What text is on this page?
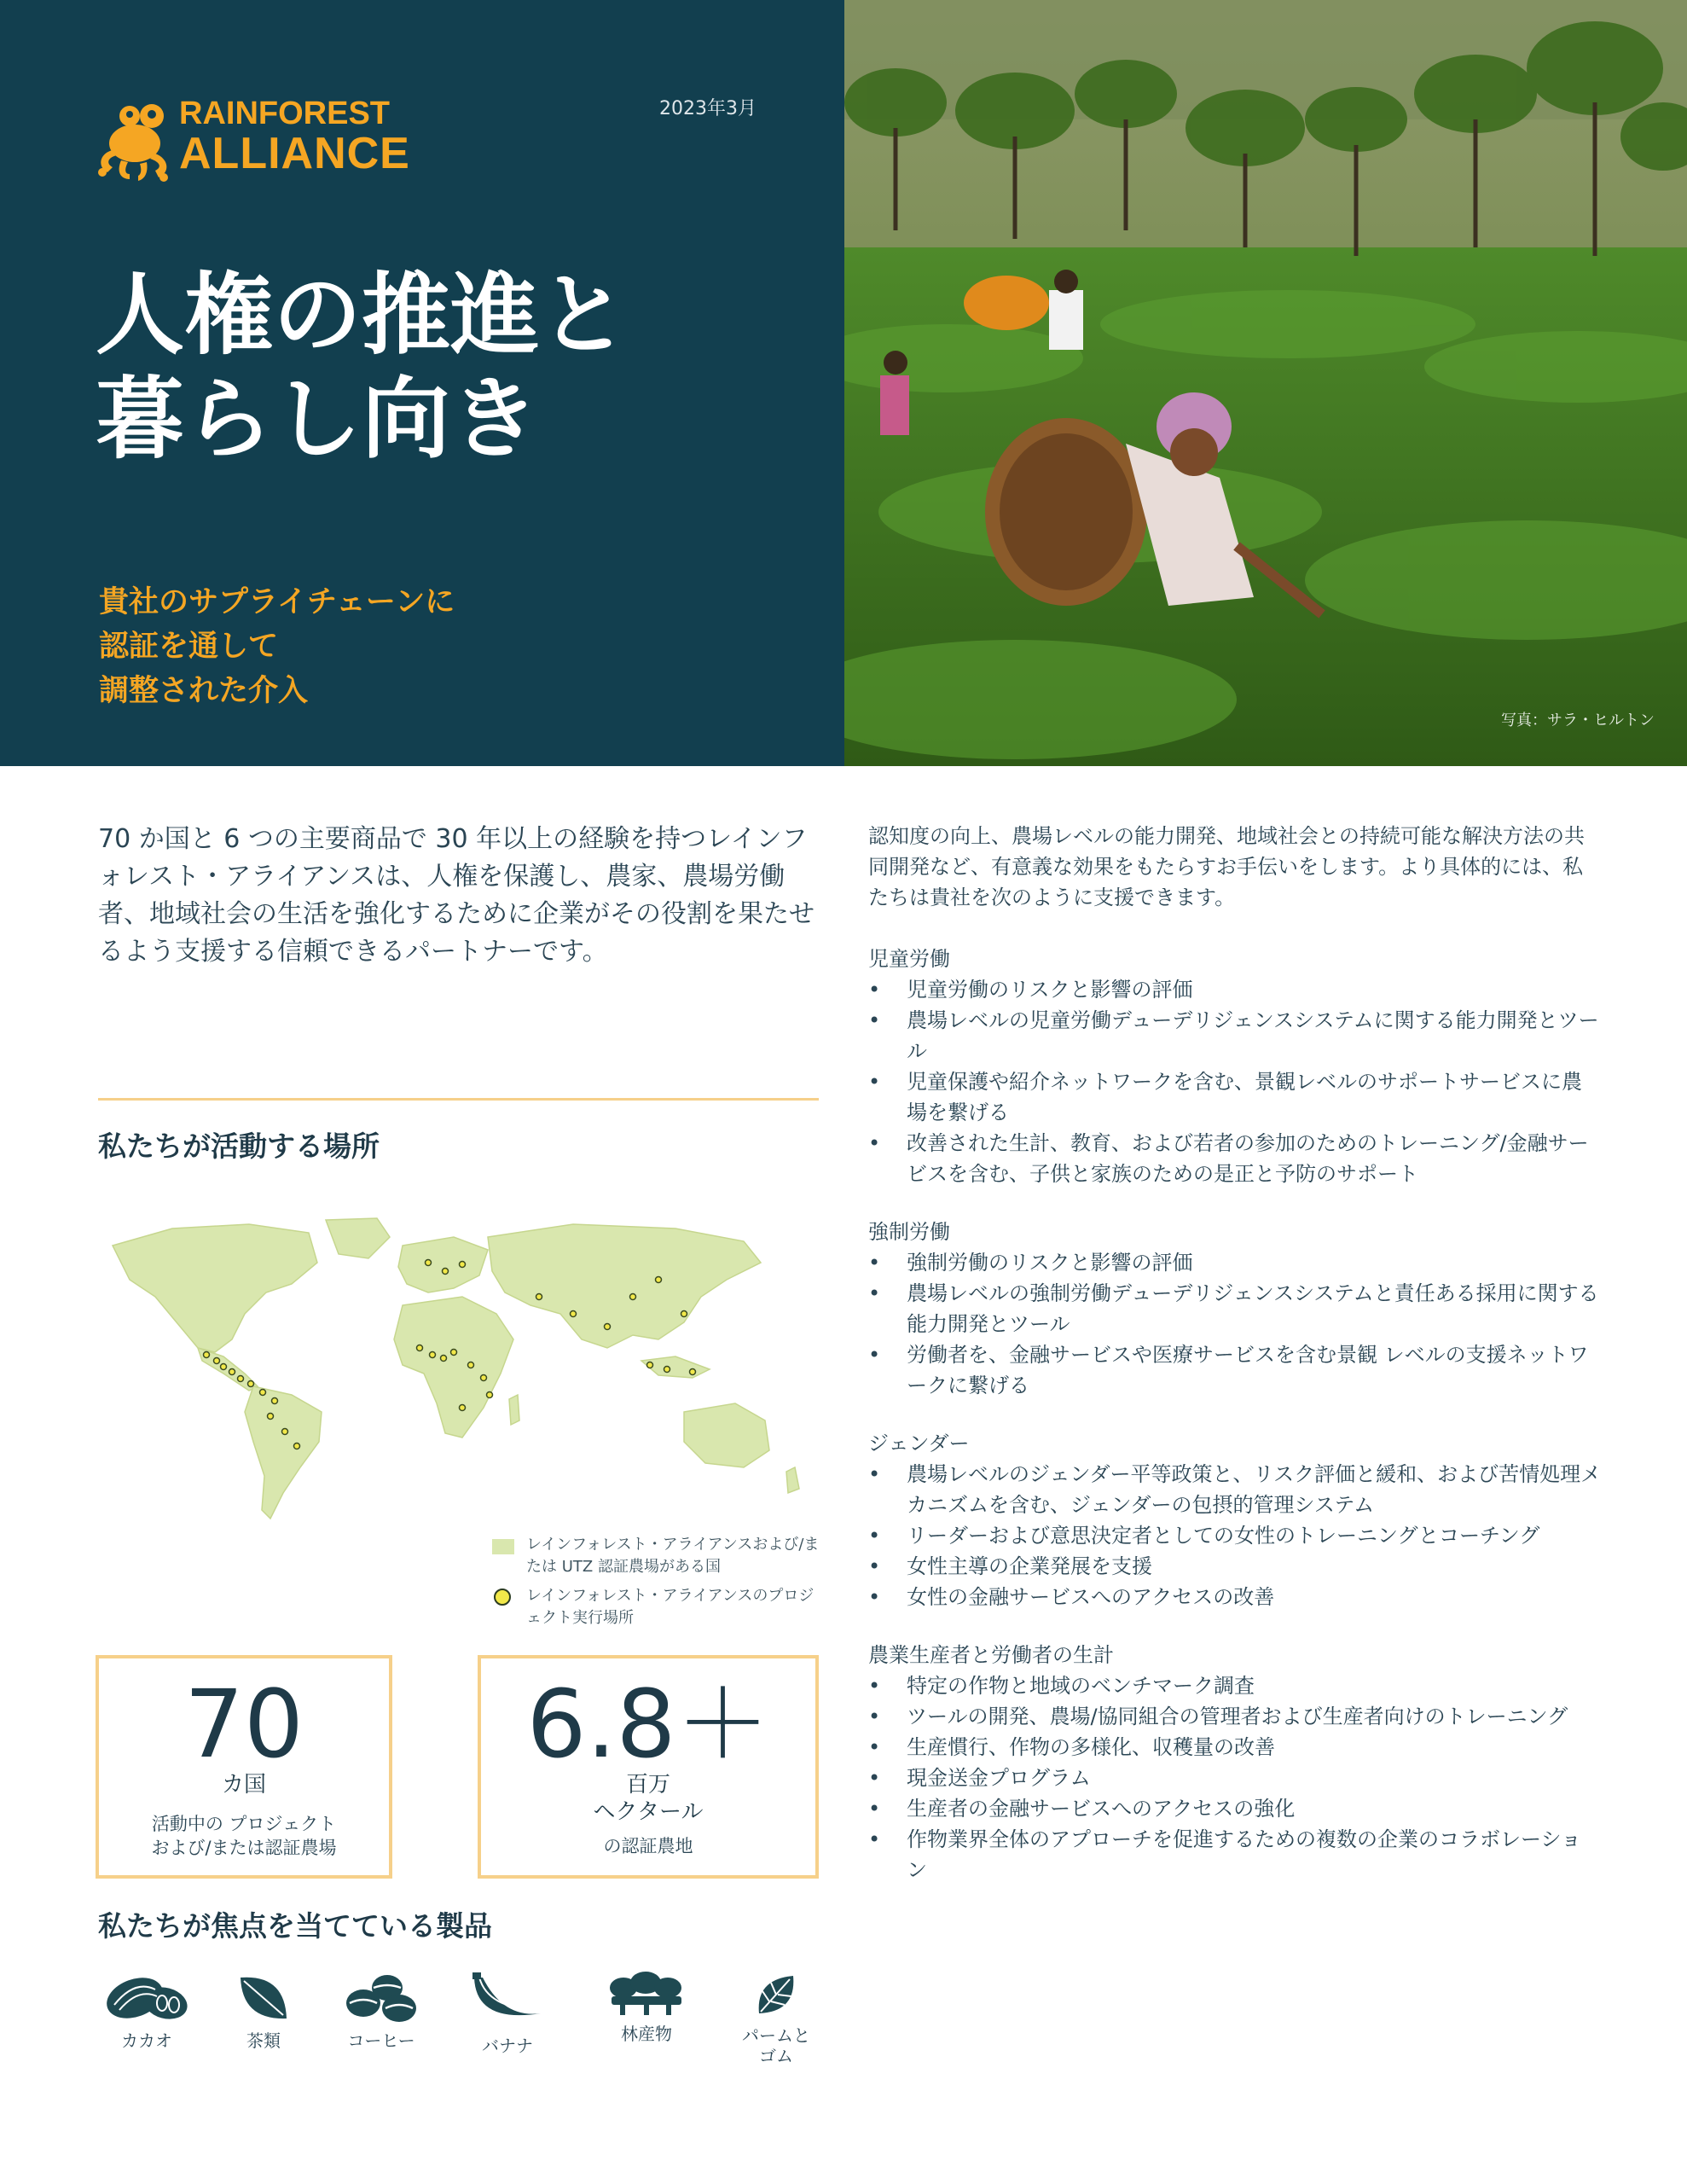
RAINFOREST
ALLIANCE
2023年3月
人権の推進と
暮らし向き
貴社のサプライチェーンに
認証を通して
調整された介入
写真：サラ・ヒルトン

70 か国と 6 つの主要商品で 30 年以上の経験を持つレインフォレスト・アライアンスは、人権を保護し、農家、農場労働者、地域社会の生活を強化するために企業がその役割を果たせるよう支援する信頼できるパートナーです。

私たちが活動する場所
レインフォレスト・アライアンスおよび/または UTZ 認証農場がある国
レインフォレスト・アライアンスのプロジェクト実行場所
70
カ国
活動中の プロジェクト
および/または認証農場
6.8＋
百万
ヘクタール
の認証農地
私たちが焦点を当てている製品
カカオ	茶類	コーヒー	バナナ
林産物	パームと
ゴム

認知度の向上、農場レベルの能力開発、地域社会との持続可能な解決方法の共同開発など、有意義な効果をもたらすお手伝いをします。より具体的には、私たちは貴社を次のように支援できます。

児童労働

• 児童労働のリスクと影響の評価
• 農場レベルの児童労働デューデリジェンスシステムに関する能力開発とツール
• 児童保護や紹介ネットワークを含む、景観レベルのサポートサービスに農場を繋げる
• 改善された生計、教育、および若者の参加のためのトレーニング/金融サービスを含む、子供と家族のための是正と予防のサポート

強制労働

• 強制労働のリスクと影響の評価
• 農場レベルの強制労働デューデリジェンスシステムと責任ある採用に関する能力開発とツール
• 労働者を、金融サービスや医療サービスを含む景観 レベルの支援ネットワークに繋げる

ジェンダー

• 農場レベルのジェンダー平等政策と、リスク評価と緩和、および苦情処理メカニズムを含む、ジェンダーの包摂的管理システム
• リーダーおよび意思決定者としての女性のトレーニングとコーチング
• 女性主導の企業発展を支援
• 女性の金融サービスへのアクセスの改善

農業生産者と労働者の生計

• 特定の作物と地域のベンチマーク調査
• ツールの開発、農場/協同組合の管理者および生産者向けのトレーニング
• 生産慣行、作物の多様化、収穫量の改善
• 現金送金プログラム
• 生産者の金融サービスへのアクセスの強化
• 作物業界全体のアプローチを促進するための複数の企業のコラボレーション
